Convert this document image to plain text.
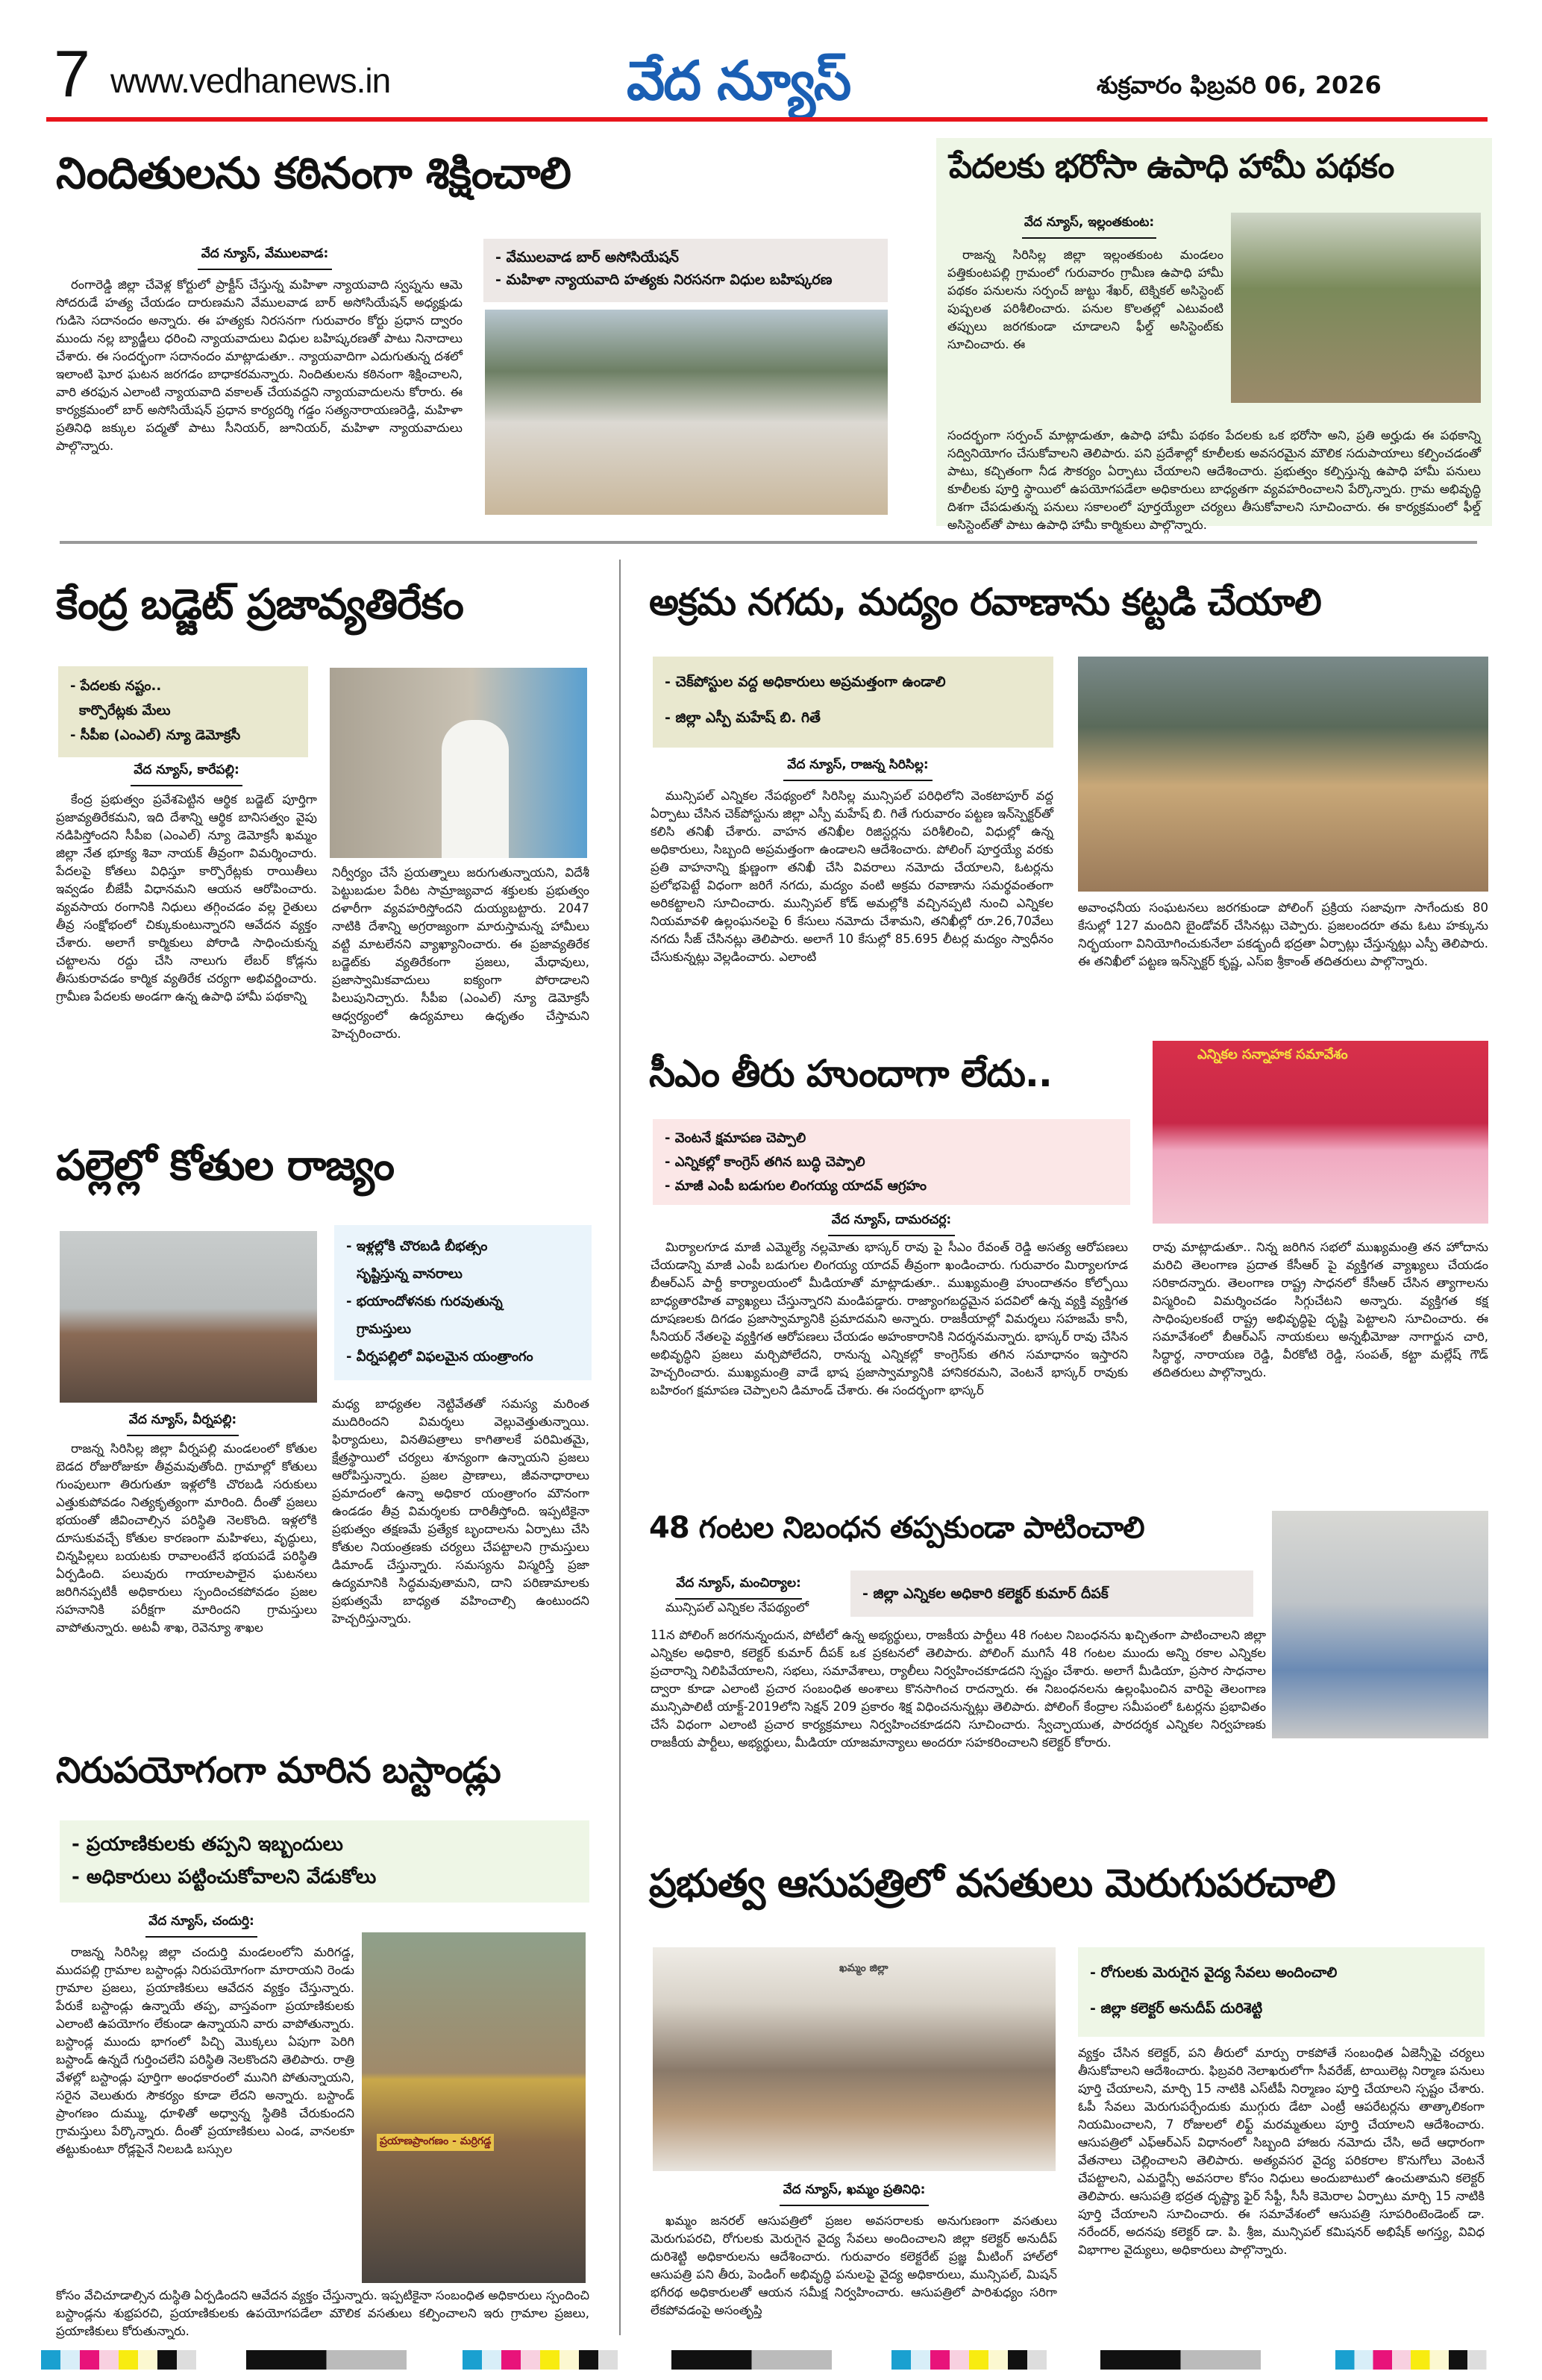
7 www.vedhanews.in	వేద న్యూస్	శుక్రవారం ఫిబ్రవరి 06, 2026
నిందితులను కఠినంగా శిక్షించాలి
వేద న్యూస్, వేములవాడ:
రంగారెడ్డి జిల్లా చేవెళ్ల కోర్టులో ప్రాక్టీస్ చేస్తున్న మహిళా న్యాయవాది స్వప్నను ఆమె సోదరుడే హత్య చేయడం దారుణమని వేములవాడ బార్ అసోసియేషన్ అధ్యక్షుడు గుడిసె సదానందం అన్నారు. ఈ హత్యకు నిరసనగా గురువారం కోర్టు ప్రధాన ద్వారం ముందు నల్ల బ్యాడ్జీలు ధరించి న్యాయవాదులు విధుల బహిష్కరణతో పాటు నినాదాలు చేశారు. ఈ సందర్భంగా సదానందం మాట్లాడుతూ.. న్యాయవాదిగా ఎదుగుతున్న దశలో ఇలాంటి ఘోర ఘటన జరగడం బాధాకరమన్నారు. నిందితులను కఠినంగా శిక్షించాలని, వారి తరఫున ఎలాంటి న్యాయవాది వకాలత్ చేయవద్దని న్యాయవాదులను కోరారు. ఈ కార్యక్రమంలో బార్ అసోసియేషన్ ప్రధాన కార్యదర్శి గడ్డం సత్యనారాయణరెడ్డి, మహిళా ప్రతినిధి జక్కుల పద్మతో పాటు సీనియర్, జూనియర్, మహిళా న్యాయవాదులు పాల్గొన్నారు.
- వేములవాడ బార్ అసోసియేషన్
- మహిళా న్యాయవాది హత్యకు నిరసనగా విధుల బహిష్కరణ
పేదలకు భరోసా ఉపాధి హామీ పథకం
వేద న్యూస్, ఇల్లంతకుంట:
రాజన్న సిరిసిల్ల జిల్లా ఇల్లంతకుంట మండలం పత్తికుంటపల్లి గ్రామంలో గురువారం గ్రామీణ ఉపాధి హామీ పథకం పనులను సర్పంచ్ జుట్టు శేఖర్, టెక్నికల్ అసిస్టెంట్ పుష్పలత పరిశీలించారు. పనుల కొలతల్లో ఎటువంటి తప్పులు జరగకుండా చూడాలని ఫీల్డ్ అసిస్టెంట్‌కు సూచించారు. ఈ
సందర్భంగా సర్పంచ్ మాట్లాడుతూ, ఉపాధి హామీ పథకం పేదలకు ఒక భరోసా అని, ప్రతి అర్హుడు ఈ పథకాన్ని సద్వినియోగం చేసుకోవాలని తెలిపారు. పని ప్రదేశాల్లో కూలీలకు అవసరమైన మౌలిక సదుపాయాలు కల్పించడంతో పాటు, కచ్చితంగా నీడ సౌకర్యం ఏర్పాటు చేయాలని ఆదేశించారు. ప్రభుత్వం కల్పిస్తున్న ఉపాధి హామీ పనులు కూలీలకు పూర్తి స్థాయిలో ఉపయోగపడేలా అధికారులు బాధ్యతగా వ్యవహరించాలని పేర్కొన్నారు. గ్రామ అభివృద్ధి దిశగా చేపడుతున్న పనులు సకాలంలో పూర్తయ్యేలా చర్యలు తీసుకోవాలని సూచించారు. ఈ కార్యక్రమంలో ఫీల్డ్ అసిస్టెంట్‌తో పాటు ఉపాధి హామీ కార్మికులు పాల్గొన్నారు.
కేంద్ర బడ్జెట్ ప్రజావ్యతిరేకం
- పేదలకు నష్టం..
కార్పొరేట్లకు మేలు
- సీపీఐ (ఎంఎల్) న్యూ డెమోక్రసీ
వేద న్యూస్, కారేపల్లి:
కేంద్ర ప్రభుత్వం ప్రవేశపెట్టిన ఆర్థిక బడ్జెట్ పూర్తిగా ప్రజావ్యతిరేకమని, ఇది దేశాన్ని ఆర్థిక బానిసత్వం వైపు నడిపిస్తోందని సీపీఐ (ఎంఎల్) న్యూ డెమోక్రసీ ఖమ్మం జిల్లా నేత భూక్య శివా నాయక్ తీవ్రంగా విమర్శించారు. పేదలపై కోతలు విధిస్తూ కార్పొరేట్లకు రాయితీలు ఇవ్వడం బీజేపీ విధానమని ఆయన ఆరోపించారు. వ్యవసాయ రంగానికి నిధులు తగ్గించడం వల్ల రైతులు తీవ్ర సంక్షోభంలో చిక్కుకుంటున్నారని ఆవేదన వ్యక్తం చేశారు. అలాగే కార్మికులు పోరాడి సాధించుకున్న చట్టాలను రద్దు చేసి నాలుగు లేబర్ కోడ్లను తీసుకురావడం కార్మిక వ్యతిరేక చర్యగా అభివర్ణించారు. గ్రామీణ పేదలకు అండగా ఉన్న ఉపాధి హామీ పథకాన్ని
నిర్వీర్యం చేసే ప్రయత్నాలు జరుగుతున్నాయని, విదేశీ పెట్టుబడుల పేరిట సామ్రాజ్యవాద శక్తులకు ప్రభుత్వం దళారీగా వ్యవహరిస్తోందని దుయ్యబట్టారు. 2047 నాటికి దేశాన్ని అగ్రరాజ్యంగా మారుస్తామన్న హామీలు వట్టి మాటలేనని వ్యాఖ్యానించారు. ఈ ప్రజావ్యతిరేక బడ్జెట్‌కు వ్యతిరేకంగా ప్రజలు, మేధావులు, ప్రజాస్వామికవాదులు ఐక్యంగా పోరాడాలని పిలుపునిచ్చారు. సీపీఐ (ఎంఎల్) న్యూ డెమోక్రసీ ఆధ్వర్యంలో ఉద్యమాలు ఉధృతం చేస్తామని హెచ్చరించారు.
పల్లెల్లో కోతుల రాజ్యం
- ఇళ్లల్లోకి చొరబడి బీభత్సం
సృష్టిస్తున్న వానరాలు
- భయాందోళనకు గురవుతున్న
గ్రామస్తులు
- వీర్నపల్లిలో విఫలమైన యంత్రాంగం
వేద న్యూస్, వీర్నపల్లి:
రాజన్న సిరిసిల్ల జిల్లా వీర్నపల్లి మండలంలో కోతుల బెడద రోజురోజుకూ తీవ్రమవుతోంది. గ్రామాల్లో కోతులు గుంపులుగా తిరుగుతూ ఇళ్లలోకి చొరబడి సరుకులు ఎత్తుకుపోవడం నిత్యకృత్యంగా మారింది. దీంతో ప్రజలు భయంతో జీవించాల్సిన పరిస్థితి నెలకొంది. ఇళ్లలోకి దూసుకువచ్చే కోతుల కారణంగా మహిళలు, వృద్ధులు, చిన్నపిల్లలు బయటకు రావాలంటేనే భయపడే పరిస్థితి ఏర్పడింది. పలువురు గాయాలపాలైన ఘటనలు జరిగినప్పటికీ అధికారులు స్పందించకపోవడం ప్రజల సహనానికి పరీక్షగా మారిందని గ్రామస్తులు వాపోతున్నారు. అటవీ శాఖ, రెవెన్యూ శాఖల
మధ్య బాధ్యతల నెట్టివేతతో సమస్య మరింత ముదిరిందని విమర్శలు వెల్లువెత్తుతున్నాయి. ఫిర్యాదులు, వినతిపత్రాలు కాగితాలకే పరిమితమై, క్షేత్రస్థాయిలో చర్యలు శూన్యంగా ఉన్నాయని ప్రజలు ఆరోపిస్తున్నారు. ప్రజల ప్రాణాలు, జీవనాధారాలు ప్రమాదంలో ఉన్నా అధికార యంత్రాంగం మౌనంగా ఉండడం తీవ్ర విమర్శలకు దారితీస్తోంది. ఇప్పటికైనా ప్రభుత్వం తక్షణమే ప్రత్యేక బృందాలను ఏర్పాటు చేసి కోతుల నియంత్రణకు చర్యలు చేపట్టాలని గ్రామస్తులు డిమాండ్ చేస్తున్నారు. సమస్యను విస్మరిస్తే ప్రజా ఉద్యమానికి సిద్ధమవుతామని, దాని పరిణామాలకు ప్రభుత్వమే బాధ్యత వహించాల్సి ఉంటుందని హెచ్చరిస్తున్నారు.
నిరుపయోగంగా మారిన బస్టాండ్లు
- ప్రయాణికులకు తప్పని ఇబ్బందులు
- అధికారులు పట్టించుకోవాలని వేడుకోలు
వేద న్యూస్, చందుర్తి:
ప్రయాణప్రాంగణం - మర్రిగడ్డ
రాజన్న సిరిసిల్ల జిల్లా చందుర్తి మండలంలోని మరిగడ్డ, ముదపల్లి గ్రామాల బస్టాండ్లు నిరుపయోగంగా మారాయని రెండు గ్రామాల ప్రజలు, ప్రయాణికులు ఆవేదన వ్యక్తం చేస్తున్నారు. పేరుకే బస్టాండ్లు ఉన్నాయే తప్ప, వాస్తవంగా ప్రయాణికులకు ఎలాంటి ఉపయోగం లేకుండా ఉన్నాయని వారు వాపోతున్నారు. బస్టాండ్ల ముందు భాగంలో పిచ్చి మొక్కలు ఏపుగా పెరిగి బస్టాండ్ ఉన్నదే గుర్తించలేని పరిస్థితి నెలకొందని తెలిపారు. రాత్రి వేళల్లో బస్టాండ్లు పూర్తిగా అంధకారంలో మునిగి పోతున్నాయని, సరైన వెలుతురు సౌకర్యం కూడా లేదని అన్నారు. బస్టాండ్ ప్రాంగణం దుమ్ము, ధూళితో అధ్వాన్న స్థితికి చేరుకుందని గ్రామస్తులు పేర్కొన్నారు. దీంతో ప్రయాణికులు ఎండ, వానలకూ తట్టుకుంటూ రోడ్లపైనే నిలబడి బస్సుల
కోసం వేచిచూడాల్సిన దుస్థితి ఏర్పడిందని ఆవేదన వ్యక్తం చేస్తున్నారు. ఇప్పటికైనా సంబంధిత అధికారులు స్పందించి బస్టాండ్లను శుభ్రపరచి, ప్రయాణికులకు ఉపయోగపడేలా మౌలిక వసతులు కల్పించాలని ఇరు గ్రామాల ప్రజలు, ప్రయాణికులు కోరుతున్నారు.
అక్రమ నగదు, మద్యం రవాణాను కట్టడి చేయాలి
- చెక్‌పోస్టుల వద్ద అధికారులు అప్రమత్తంగా ఉండాలి
- జిల్లా ఎస్పీ మహేష్ బి. గితే
వేద న్యూస్, రాజన్న సిరిసిల్ల:
మున్సిపల్ ఎన్నికల నేపథ్యంలో సిరిసిల్ల మున్సిపల్ పరిధిలోని వెంకటాపూర్ వద్ద ఏర్పాటు చేసిన చెక్‌పోస్టును జిల్లా ఎస్పీ మహేష్ బి. గితే గురువారం పట్టణ ఇన్‌స్పెక్టర్‌తో కలిసి తనిఖీ చేశారు. వాహన తనిఖీల రిజిస్టర్లను పరిశీలించి, విధుల్లో ఉన్న అధికారులు, సిబ్బంది అప్రమత్తంగా ఉండాలని ఆదేశించారు. పోలింగ్ పూర్తయ్యే వరకు ప్రతి వాహనాన్ని క్షుణ్ణంగా తనిఖీ చేసి వివరాలు నమోదు చేయాలని, ఓటర్లను ప్రలోభపెట్టే విధంగా జరిగే నగదు, మద్యం వంటి అక్రమ రవాణాను సమర్థవంతంగా అరికట్టాలని సూచించారు. మున్సిపల్ కోడ్ అమల్లోకి వచ్చినప్పటి నుంచి ఎన్నికల నియమావళి ఉల్లంఘనలపై 6 కేసులు నమోదు చేశామని, తనిఖీల్లో రూ.26,70వేలు నగదు సీజ్ చేసినట్లు తెలిపారు. అలాగే 10 కేసుల్లో 85.695 లీటర్ల మద్యం స్వాధీనం చేసుకున్నట్లు వెల్లడించారు. ఎలాంటి
అవాంఛనీయ సంఘటనలు జరగకుండా పోలింగ్ ప్రక్రియ సజావుగా సాగేందుకు 80 కేసుల్లో 127 మందిని బైండోవర్ చేసినట్లు చెప్పారు. ప్రజలందరూ తమ ఓటు హక్కును నిర్భయంగా వినియోగించుకునేలా పకడ్బందీ భద్రతా ఏర్పాట్లు చేస్తున్నట్లు ఎస్పీ తెలిపారు. ఈ తనిఖీలో పట్టణ ఇన్‌స్పెక్టర్ కృష్ణ, ఎస్ఐ శ్రీకాంత్ తదితరులు పాల్గొన్నారు.
సీఎం తీరు హుందాగా లేదు..	ఎన్నికల సన్నాహక సమావేశం
- వెంటనే క్షమాపణ చెప్పాలి
- ఎన్నికల్లో కాంగ్రెస్ తగిన బుద్ధి చెప్పాలి
- మాజీ ఎంపీ బడుగుల లింగయ్య యాదవ్ ఆగ్రహం
వేద న్యూస్, దామరచర్ల:
మిర్యాలగూడ మాజీ ఎమ్మెల్యే నల్లమోతు భాస్కర్ రావు పై సీఎం రేవంత్ రెడ్డి అసత్య ఆరోపణలు చేయడాన్ని మాజీ ఎంపీ బడుగుల లింగయ్య యాదవ్ తీవ్రంగా ఖండించారు. గురువారం మిర్యాలగూడ బీఆర్ఎస్ పార్టీ కార్యాలయంలో మీడియాతో మాట్లాడుతూ.. ముఖ్యమంత్రి హుందాతనం కోల్పోయి బాధ్యతారహిత వ్యాఖ్యలు చేస్తున్నారని మండిపడ్డారు. రాజ్యాంగబద్ధమైన పదవిలో ఉన్న వ్యక్తి వ్యక్తిగత దూషణలకు దిగడం ప్రజాస్వామ్యానికి ప్రమాదమని అన్నారు. రాజకీయాల్లో విమర్శలు సహజమే కానీ, సీనియర్ నేతలపై వ్యక్తిగత ఆరోపణలు చేయడం అహంకారానికి నిదర్శనమన్నారు. భాస్కర్ రావు చేసిన అభివృద్ధిని ప్రజలు మర్చిపోలేదని, రానున్న ఎన్నికల్లో కాంగ్రెస్‌కు తగిన సమాధానం ఇస్తారని హెచ్చరించారు. ముఖ్యమంత్రి వాడే భాష ప్రజాస్వామ్యానికి హానికరమని, వెంటనే భాస్కర్ రావుకు బహిరంగ క్షమాపణ చెప్పాలని డిమాండ్ చేశారు. ఈ సందర్భంగా భాస్కర్
రావు మాట్లాడుతూ.. నిన్న జరిగిన సభలో ముఖ్యమంత్రి తన హోదాను మరిచి తెలంగాణ ప్రదాత కేసీఆర్ పై వ్యక్తిగత వ్యాఖ్యలు చేయడం సరికాదన్నారు. తెలంగాణ రాష్ట్ర సాధనలో కేసీఆర్ చేసిన త్యాగాలను విస్మరించి విమర్శించడం సిగ్గుచేటని అన్నారు. వ్యక్తిగత కక్ష సాధింపులకంటే రాష్ట్ర అభివృద్ధిపై దృష్టి పెట్టాలని సూచించారు. ఈ సమావేశంలో బీఆర్ఎస్ నాయకులు అన్నభీమోజు నాగార్జున చారి, సిద్ధార్థ, నారాయణ రెడ్డి, వీరకోటి రెడ్డి, సంపత్, కట్టా మల్లేష్ గౌడ్ తదితరులు పాల్గొన్నారు.
48 గంటల నిబంధన తప్పకుండా పాటించాలి
వేద న్యూస్, మంచిర్యాల:
- జిల్లా ఎన్నికల అధికారి కలెక్టర్ కుమార్ దీపక్
మున్సిపల్ ఎన్నికల నేపథ్యంలో
11న పోలింగ్ జరగనున్నందున, పోటీలో ఉన్న అభ్యర్థులు, రాజకీయ పార్టీలు 48 గంటల నిబంధనను ఖచ్చితంగా పాటించాలని జిల్లా ఎన్నికల అధికారి, కలెక్టర్ కుమార్ దీపక్ ఒక ప్రకటనలో తెలిపారు. పోలింగ్ ముగిసే 48 గంటల ముందు అన్ని రకాల ఎన్నికల ప్రచారాన్ని నిలిపివేయాలని, సభలు, సమావేశాలు, ర్యాలీలు నిర్వహించకూడదని స్పష్టం చేశారు. అలాగే మీడియా, ప్రసార సాధనాల ద్వారా కూడా ఎలాంటి ప్రచార సంబంధిత అంశాలు కొనసాగించ రాదన్నారు. ఈ నిబంధనలను ఉల్లంఘించిన వారిపై తెలంగాణ మున్సిపాలిటీ యాక్ట్-2019లోని సెక్షన్ 209 ప్రకారం శిక్ష విధించనున్నట్లు తెలిపారు. పోలింగ్ కేంద్రాల సమీపంలో ఓటర్లను ప్రభావితం చేసే విధంగా ఎలాంటి ప్రచార కార్యక్రమాలు నిర్వహించకూడదని సూచించారు. స్వేచ్ఛాయుత, పారదర్శక ఎన్నికల నిర్వహణకు రాజకీయ పార్టీలు, అభ్యర్థులు, మీడియా యాజమాన్యాలు అందరూ సహకరించాలని కలెక్టర్ కోరారు.
ప్రభుత్వ ఆసుపత్రిలో వసతులు మెరుగుపరచాలి
ఖమ్మం జిల్లా	- రోగులకు మెరుగైన వైద్య సేవలు అందించాలి
- జిల్లా కలెక్టర్ అనుదీప్ దురిశెట్టి
వేద న్యూస్, ఖమ్మం ప్రతినిధి:
ఖమ్మం జనరల్ ఆసుపత్రిలో ప్రజల అవసరాలకు అనుగుణంగా వసతులు మెరుగుపరచి, రోగులకు మెరుగైన వైద్య సేవలు అందించాలని జిల్లా కలెక్టర్ అనుదీప్ దురిశెట్టి అధికారులను ఆదేశించారు. గురువారం కలెక్టరేట్ ప్రజ్ఞ మీటింగ్ హాల్‌లో ఆసుపత్రి పని తీరు, పెండింగ్ అభివృద్ధి పనులపై వైద్య అధికారులు, మున్సిపల్, మిషన్ భగీరథ అధికారులతో ఆయన సమీక్ష నిర్వహించారు. ఆసుపత్రిలో పారిశుధ్యం సరిగా లేకపోవడంపై అసంతృప్తి
వ్యక్తం చేసిన కలెక్టర్, పని తీరులో మార్పు రాకపోతే సంబంధిత ఏజెన్సీపై చర్యలు తీసుకోవాలని ఆదేశించారు. ఫిబ్రవరి నెలాఖరులోగా సీవరేజ్, టాయిలెట్ల నిర్మాణ పనులు పూర్తి చేయాలని, మార్చి 15 నాటికి ఎస్‌టీపీ నిర్మాణం పూర్తి చేయాలని స్పష్టం చేశారు. ఓపీ సేవలు మెరుగుపర్చేందుకు ముగ్గురు డేటా ఎంట్రీ ఆపరేటర్లను తాత్కాలికంగా నియమించాలని, 7 రోజులలో లిఫ్ట్ మరమ్మతులు పూర్తి చేయాలని ఆదేశించారు. ఆసుపత్రిలో ఎఫ్ఆర్ఎస్ విధానంలో సిబ్బంది హాజరు నమోదు చేసి, అదే ఆధారంగా వేతనాలు చెల్లించాలని తెలిపారు. అత్యవసర వైద్య పరికరాల కొనుగోలు వెంటనే చేపట్టాలని, ఎమర్జెన్సీ అవసరాల కోసం నిధులు అందుబాటులో ఉంచుతామని కలెక్టర్ తెలిపారు. ఆసుపత్రి భద్రత దృష్ట్యా ఫైర్ సేఫ్టీ, సీసీ కెమెరాల ఏర్పాటు మార్చి 15 నాటికి పూర్తి చేయాలని సూచించారు. ఈ సమావేశంలో ఆసుపత్రి సూపరింటెండెంట్ డా. నరేందర్, అదనపు కలెక్టర్ డా. పి. శ్రీజ, మున్సిపల్ కమిషనర్ అభిషేక్ అగస్త్య, వివిధ విభాగాల వైద్యులు, అధికారులు పాల్గొన్నారు.
